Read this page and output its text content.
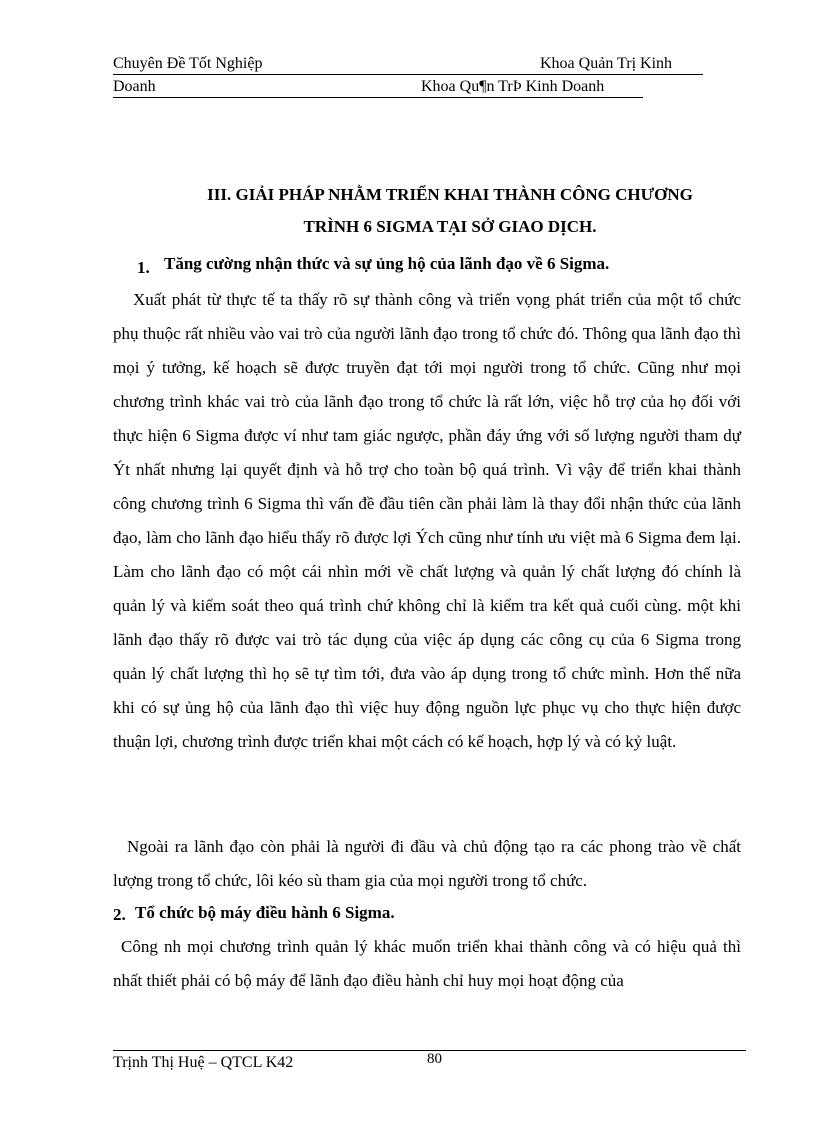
Chuyên Đề Tốt Nghiệp	Khoa Quản Trị Kinh
Doanh	Khoa Qu¶n TrÞ Kinh Doanh
III. GIẢI PHÁP NHẰM TRIỂN KHAI THÀNH CÔNG CHƯƠNG
TRÌNH 6 SIGMA TẠI SỞ GIAO DỊCH.
1. Tăng cường nhận thức và sự ủng hộ của lãnh đạo về 6 Sigma.

Xuất phát từ thực tế ta thấy rõ sự thành công và triển vọng phát triển của một tổ chức phụ thuộc rất nhiều vào vai trò của người lãnh đạo trong tổ chức đó. Thông qua lãnh đạo thì mọi ý tưởng, kế hoạch sẽ được truyền đạt tới mọi người trong tổ chức. Cũng như mọi chương trình khác vai trò của lãnh đạo trong tổ chức là rất lớn, việc hỗ trợ của họ đối với thực hiện 6 Sigma được ví như tam giác ngược, phần đáy ứng với số lượng người tham dự Ýt nhất nhưng lại quyết định và hỗ trợ cho toàn bộ quá trình. Vì vậy để triển khai thành công chương trình 6 Sigma thì vấn đề đầu tiên cần phải làm là thay đổi nhận thức của lãnh đạo, làm cho lãnh đạo hiểu thấy rõ được lợi Ých cũng như tính ưu việt mà 6 Sigma đem lại. Làm cho lãnh đạo có một cái nhìn mới về chất lượng và quản lý chất lượng đó chính là quản lý và kiểm soát theo quá trình chứ không chỉ là kiểm tra kết quả cuối cùng. một khi lãnh đạo thấy rõ được vai trò tác dụng của việc áp dụng các công cụ của 6 Sigma trong quản lý chất lượng thì họ sẽ tự tìm tới, đưa vào áp dụng trong tổ chức mình. Hơn thế nữa khi có sự ủng hộ của lãnh đạo thì việc huy động nguồn lực phục vụ cho thực hiện được thuận lợi, chương trình được triển khai một cách có kế hoạch, hợp lý và có kỷ luật.

Ngoài ra lãnh đạo còn phải là người đi đầu và chủ động tạo ra các phong trào về chất lượng trong tổ chức, lôi kéo sù tham gia của mọi người trong tổ chức.

2. Tổ chức bộ máy điều hành 6 Sigma.

Công nh mọi chương trình quản lý khác muốn triển khai thành công và có hiệu quả thì nhất thiết phải có bộ máy để lãnh đạo điều hành chỉ huy mọi hoạt động của

Trịnh Thị Huệ – QTCL K42	80
